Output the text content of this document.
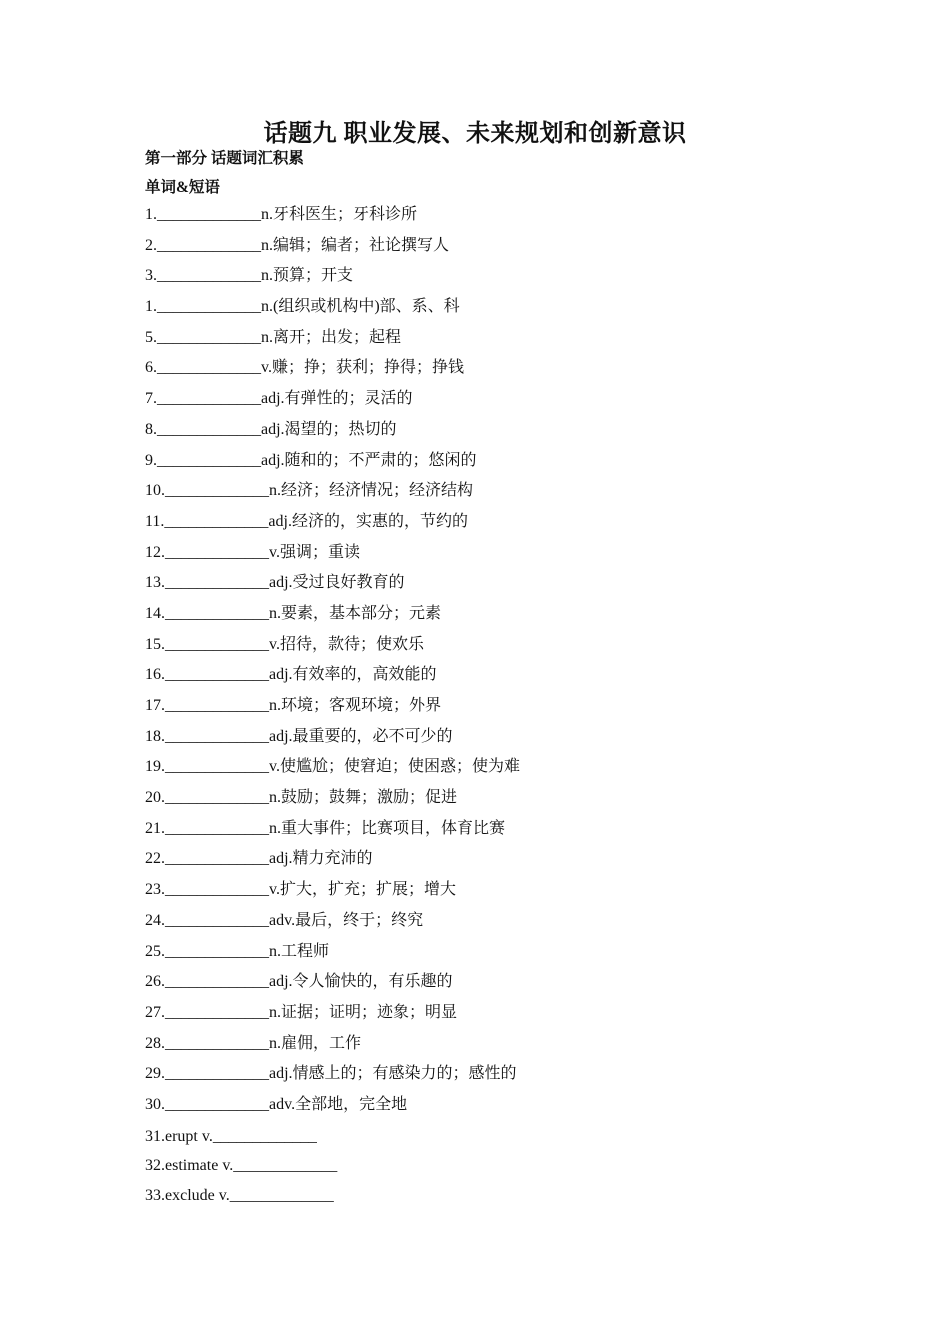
话题九 职业发展、未来规划和创新意识
第一部分 话题词汇积累
单词&短语
1._____________n.牙科医生；牙科诊所
2._____________n.编辑；编者；社论撰写人
3._____________n.预算；开支
1._____________n.(组织或机构中)部、系、科
5._____________n.离开；出发；起程
6._____________v.赚；挣；获利；挣得；挣钱
7._____________adj.有弹性的；灵活的
8._____________adj.渴望的；热切的
9._____________adj.随和的；不严肃的；悠闲的
10._____________n.经济；经济情况；经济结构
11._____________adj.经济的，实惠的，节约的
12._____________v.强调；重读
13._____________adj.受过良好教育的
14._____________n.要素，基本部分；元素
15._____________v.招待，款待；使欢乐
16._____________adj.有效率的，高效能的
17._____________n.环境；客观环境；外界
18._____________adj.最重要的，必不可少的
19._____________v.使尴尬；使窘迫；使困惑；使为难
20._____________n.鼓励；鼓舞；激励；促进
21._____________n.重大事件；比赛项目，体育比赛
22._____________adj.精力充沛的
23._____________v.扩大，扩充；扩展；增大
24._____________adv.最后，终于；终究
25._____________n.工程师
26._____________adj.令人愉快的，有乐趣的
27._____________n.证据；证明；迹象；明显
28._____________n.雇佣，工作
29._____________adj.情感上的；有感染力的；感性的
30._____________adv.全部地，完全地
31.erupt v._____________
32.estimate v._____________
33.exclude v._____________
